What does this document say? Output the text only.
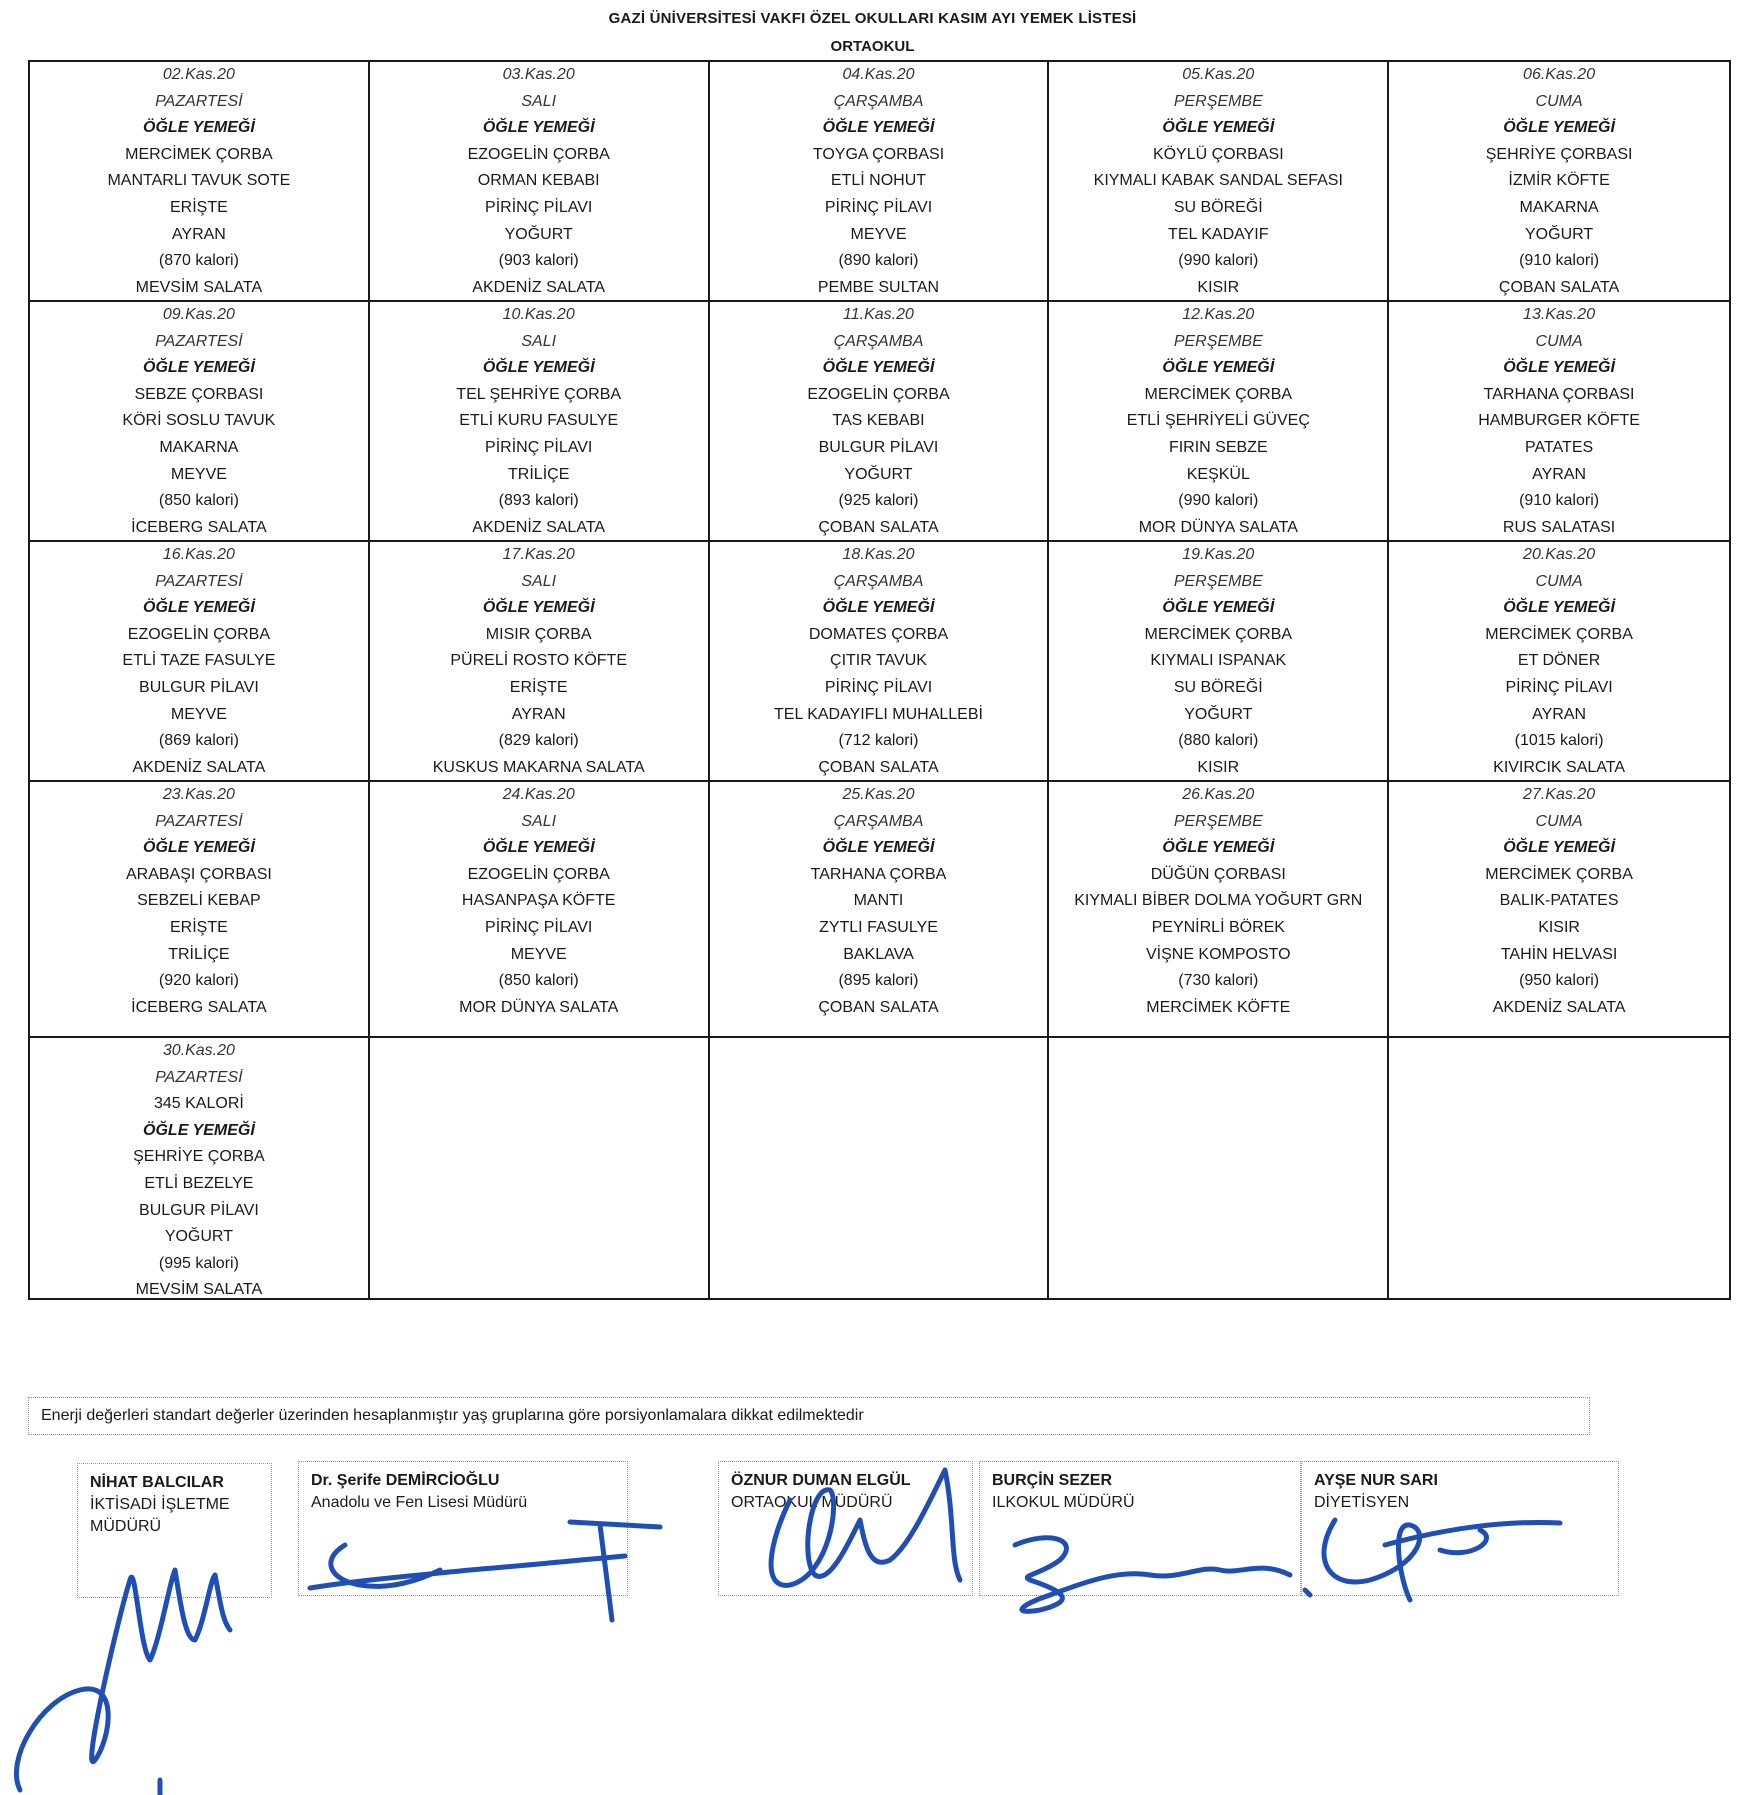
GAZİ ÜNİVERSİTESİ VAKFI ÖZEL OKULLARI KASIM AYI YEMEK LİSTESİ
ORTAOKUL
02.Kas.20
PAZARTESİ
ÖĞLE YEMEĞİ
MERCİMEK ÇORBA
MANTARLI TAVUK SOTE
ERİŞTE
AYRAN
(870 kalori)
MEVSİM SALATA
03.Kas.20
SALI
ÖĞLE YEMEĞİ
EZOGELİN ÇORBA
ORMAN KEBABI
PİRİNÇ PİLAVI
YOĞURT
(903 kalori)
AKDENİZ SALATA
04.Kas.20
ÇARŞAMBA
ÖĞLE YEMEĞİ
TOYGA ÇORBASI
ETLİ NOHUT
PİRİNÇ PİLAVI
MEYVE
(890 kalori)
PEMBE SULTAN
05.Kas.20
PERŞEMBE
ÖĞLE YEMEĞİ
KÖYLÜ ÇORBASI
KIYMALI KABAK SANDAL SEFASI
SU BÖREĞİ
TEL KADAYIF
(990 kalori)
KISIR
06.Kas.20
CUMA
ÖĞLE YEMEĞİ
ŞEHRİYE ÇORBASI
İZMİR KÖFTE
MAKARNA
YOĞURT
(910 kalori)
ÇOBAN SALATA
09.Kas.20
PAZARTESİ
ÖĞLE YEMEĞİ
SEBZE ÇORBASI
KÖRİ SOSLU TAVUK
MAKARNA
MEYVE
(850 kalori)
İCEBERG SALATA
10.Kas.20
SALI
ÖĞLE YEMEĞİ
TEL ŞEHRİYE ÇORBA
ETLİ KURU FASULYE
PİRİNÇ PİLAVI
TRİLİÇE
(893 kalori)
AKDENİZ SALATA
11.Kas.20
ÇARŞAMBA
ÖĞLE YEMEĞİ
EZOGELİN ÇORBA
TAS KEBABI
BULGUR PİLAVI
YOĞURT
(925 kalori)
ÇOBAN SALATA
12.Kas.20
PERŞEMBE
ÖĞLE YEMEĞİ
MERCİMEK ÇORBA
ETLİ ŞEHRİYELİ GÜVEÇ
FIRIN SEBZE
KEŞKÜL
(990 kalori)
MOR DÜNYA SALATA
13.Kas.20
CUMA
ÖĞLE YEMEĞİ
TARHANA ÇORBASI
HAMBURGER KÖFTE
PATATES
AYRAN
(910 kalori)
RUS SALATASI
16.Kas.20
PAZARTESİ
ÖĞLE YEMEĞİ
EZOGELİN ÇORBA
ETLİ TAZE FASULYE
BULGUR PİLAVI
MEYVE
(869 kalori)
AKDENİZ SALATA
17.Kas.20
SALI
ÖĞLE YEMEĞİ
MISIR ÇORBA
PÜRELİ ROSTO KÖFTE
ERİŞTE
AYRAN
(829 kalori)
KUSKUS MAKARNA SALATA
18.Kas.20
ÇARŞAMBA
ÖĞLE YEMEĞİ
DOMATES ÇORBA
ÇITIR TAVUK
PİRİNÇ PİLAVI
TEL KADAYIFLI MUHALLEBİ
(712 kalori)
ÇOBAN SALATA
19.Kas.20
PERŞEMBE
ÖĞLE YEMEĞİ
MERCİMEK ÇORBA
KIYMALI ISPANAK
SU BÖREĞİ
YOĞURT
(880 kalori)
KISIR
20.Kas.20
CUMA
ÖĞLE YEMEĞİ
MERCİMEK ÇORBA
ET DÖNER
PİRİNÇ PİLAVI
AYRAN
(1015 kalori)
KIVIRCIK SALATA
23.Kas.20
PAZARTESİ
ÖĞLE YEMEĞİ
ARABAŞI ÇORBASI
SEBZELİ KEBAP
ERİŞTE
TRİLİÇE
(920 kalori)
İCEBERG SALATA
24.Kas.20
SALI
ÖĞLE YEMEĞİ
EZOGELİN ÇORBA
HASANPAŞA KÖFTE
PİRİNÇ PİLAVI
MEYVE
(850 kalori)
MOR DÜNYA SALATA
25.Kas.20
ÇARŞAMBA
ÖĞLE YEMEĞİ
TARHANA ÇORBA
MANTI
ZYTLI FASULYE
BAKLAVA
(895 kalori)
ÇOBAN SALATA
26.Kas.20
PERŞEMBE
ÖĞLE YEMEĞİ
DÜĞÜN ÇORBASI
KIYMALI BİBER DOLMA YOĞURT GRN
PEYNİRLİ BÖREK
VİŞNE KOMPOSTO
(730 kalori)
MERCİMEK KÖFTE
27.Kas.20
CUMA
ÖĞLE YEMEĞİ
MERCİMEK ÇORBA
BALIK-PATATES
KISIR
TAHİN HELVASI
(950 kalori)
AKDENİZ SALATA
30.Kas.20
PAZARTESİ
345 KALORİ
ÖĞLE YEMEĞİ
ŞEHRİYE ÇORBA
ETLİ BEZELYE
BULGUR PİLAVI
YOĞURT
(995 kalori)
MEVSİM SALATA
Enerji değerleri standart değerler üzerinden hesaplanmıştır yaş gruplarına göre porsiyonlamalara dikkat edilmektedir
NİHAT BALCILAR
İKTİSADİ İŞLETME
MÜDÜRÜ
Dr. Şerife DEMİRCİOĞLU
Anadolu ve Fen Lisesi Müdürü
ÖZNUR DUMAN ELGÜL
ORTAOKUL MÜDÜRÜ
BURÇİN SEZER
ILKOKUL MÜDÜRÜ
AYŞE NUR SARI
DİYETİSYEN
